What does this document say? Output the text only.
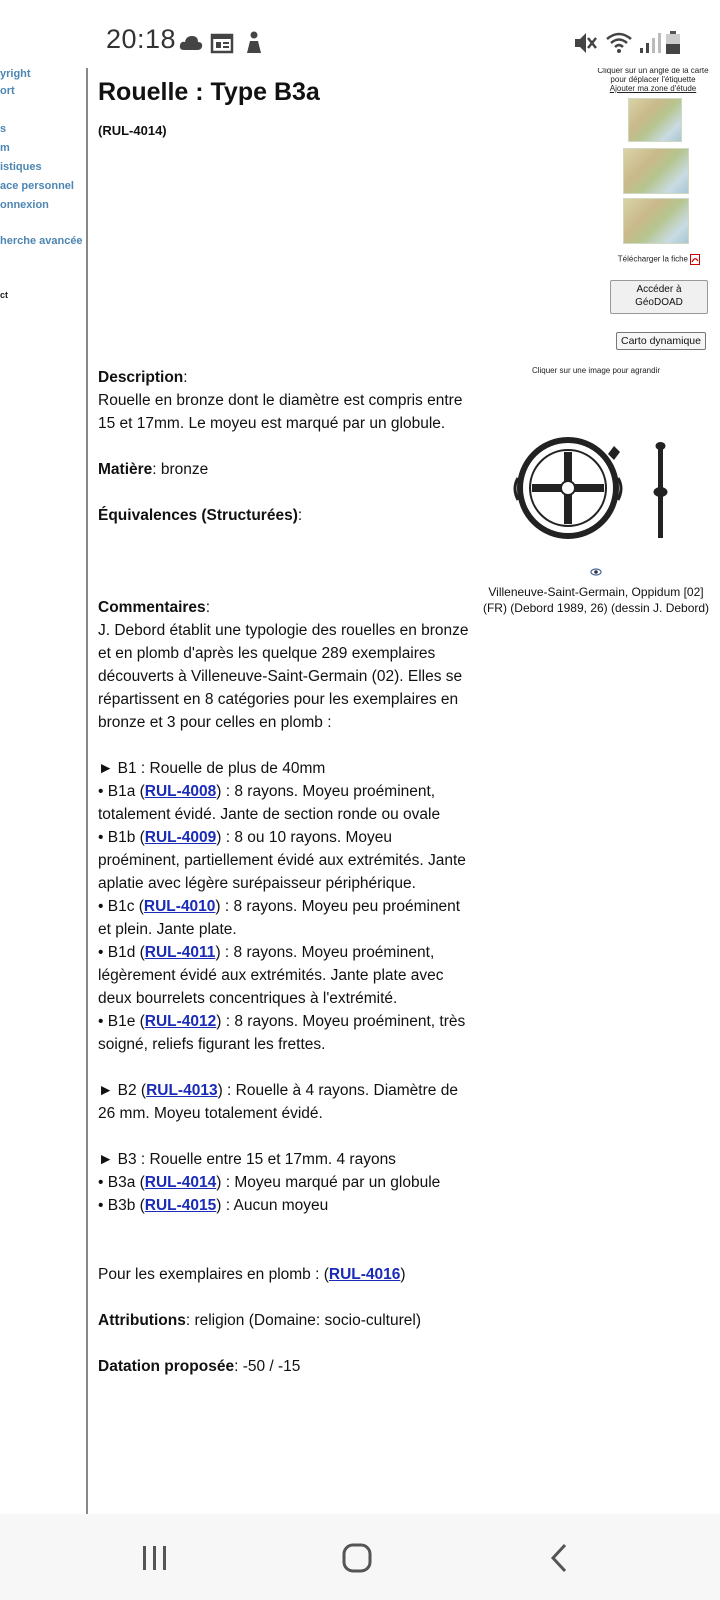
20:18
yright
ort
s
m
istiques
ace personnel
onnexion
herche avancée
ct
Rouelle : Type B3a
(RUL-4014)
Cliquer sur un angle de la carte
pour déplacer l'étiquette
Ajouter ma zone d'étude
Télécharger la fiche
Accéder à
GéoDOAD
Carto dynamique
Description:
Rouelle en bronze dont le diamètre est compris entre 15 et 17mm. Le moyeu est marqué par un globule.
Matière: bronze
Équivalences (Structurées):
Commentaires:
J. Debord établit une typologie des rouelles en bronze et en plomb d'après les quelque 289 exemplaires découverts à Villeneuve-Saint-Germain (02). Elles se répartissent en 8 catégories pour les exemplaires en bronze et 3 pour celles en plomb :
► B1 : Rouelle de plus de 40mm
• B1a (RUL-4008) : 8 rayons. Moyeu proéminent, totalement évidé. Jante de section ronde ou ovale
• B1b (RUL-4009) : 8 ou 10 rayons. Moyeu proéminent, partiellement évidé aux extrémités. Jante aplatie avec légère surépaisseur périphérique.
• B1c (RUL-4010) : 8 rayons. Moyeu peu proéminent et plein. Jante plate.
• B1d (RUL-4011) : 8 rayons. Moyeu proéminent, légèrement évidé aux extrémités. Jante plate avec deux bourrelets concentriques à l'extrémité.
• B1e (RUL-4012) : 8 rayons. Moyeu proéminent, très soigné, reliefs figurant les frettes.
► B2 (RUL-4013) : Rouelle à 4 rayons. Diamètre de 26 mm. Moyeu totalement évidé.
► B3 : Rouelle entre 15 et 17mm. 4 rayons
• B3a (RUL-4014) : Moyeu marqué par un globule
• B3b (RUL-4015) : Aucun moyeu
Pour les exemplaires en plomb : (RUL-4016)
Attributions: religion (Domaine: socio-culturel)
Datation proposée: -50 / -15
Cliquer sur une image pour agrandir
Villeneuve-Saint-Germain, Oppidum [02] (FR) (Debord 1989, 26) (dessin J. Debord)
